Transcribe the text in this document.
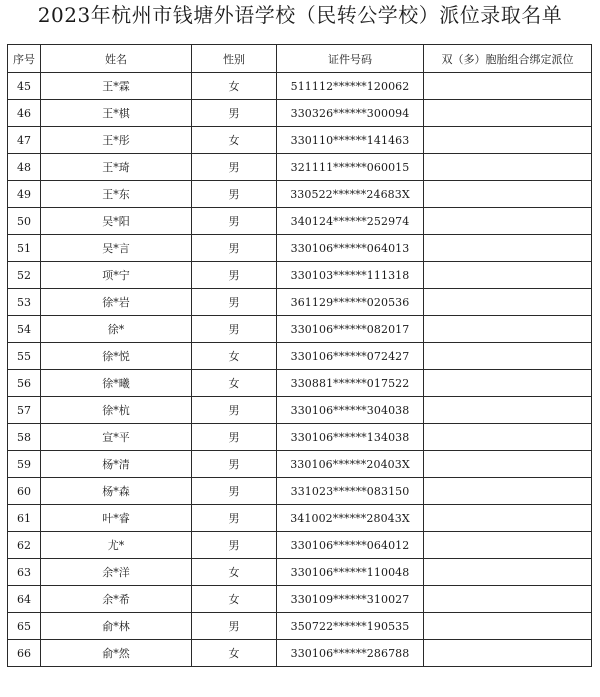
2023年杭州市钱塘外语学校（民转公学校）派位录取名单
序号	姓名	性别	证件号码	双（多）胞胎组合绑定派位
45	王*霖	女	511112******120062	
46	王*棋	男	330326******300094	
47	王*彤	女	330110******141463	
48	王*琦	男	321111******060015	
49	王*东	男	330522******24683X	
50	吴*阳	男	340124******252974	
51	吴*言	男	330106******064013	
52	项*宁	男	330103******111318	
53	徐*岩	男	361129******020536	
54	徐*	男	330106******082017	
55	徐*悦	女	330106******072427	
56	徐*曦	女	330881******017522	
57	徐*杭	男	330106******304038	
58	宣*平	男	330106******134038	
59	杨*清	男	330106******20403X	
60	杨*森	男	331023******083150	
61	叶*睿	男	341002******28043X	
62	尤*	男	330106******064012	
63	余*洋	女	330106******110048	
64	余*希	女	330109******310027	
65	俞*林	男	350722******190535	
66	俞*然	女	330106******286788	
